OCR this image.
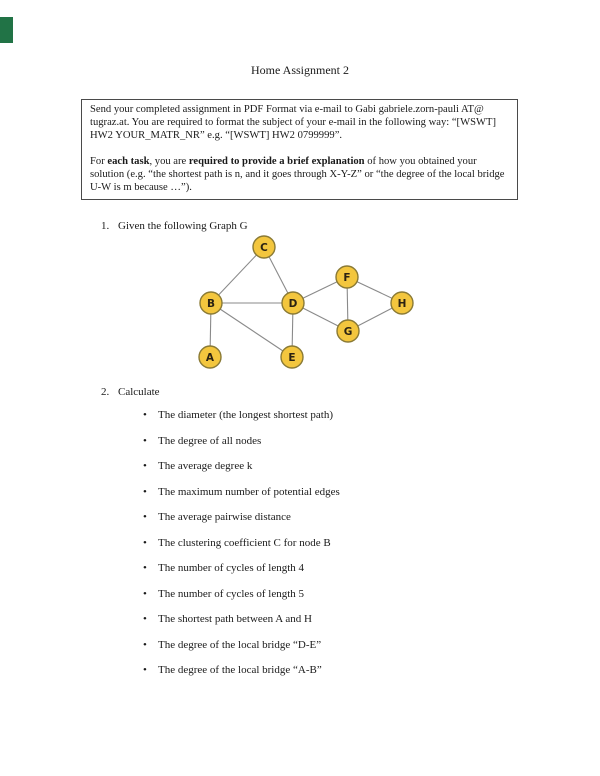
Home Assignment 2

Send your completed assignment in PDF Format via e-mail to Gabi gabriele.zorn-pauli AT@ tugraz.at. You are required to format the subject of your e-mail in the following way: “[WSWT] HW2 YOUR_MATR_NR” e.g. “[WSWT] HW2 0799999”.

For each task, you are required to provide a brief explanation of how you obtained your solution (e.g. “the shortest path is n, and it goes through X-Y-Z” or “the degree of the local bridge U-W is m because …”).

1. Given the following Graph G
A
B
C
D
E
F
G
H
2. Calculate
•	The diameter (the longest shortest path)
•	The degree of all nodes
•	The average degree k
•	The maximum number of potential edges
•	The average pairwise distance
•	The clustering coefficient C for node B
•	The number of cycles of length 4
•	The number of cycles of length 5
•	The shortest path between A and H
•	The degree of the local bridge “D-E”
•	The degree of the local bridge “A-B”
